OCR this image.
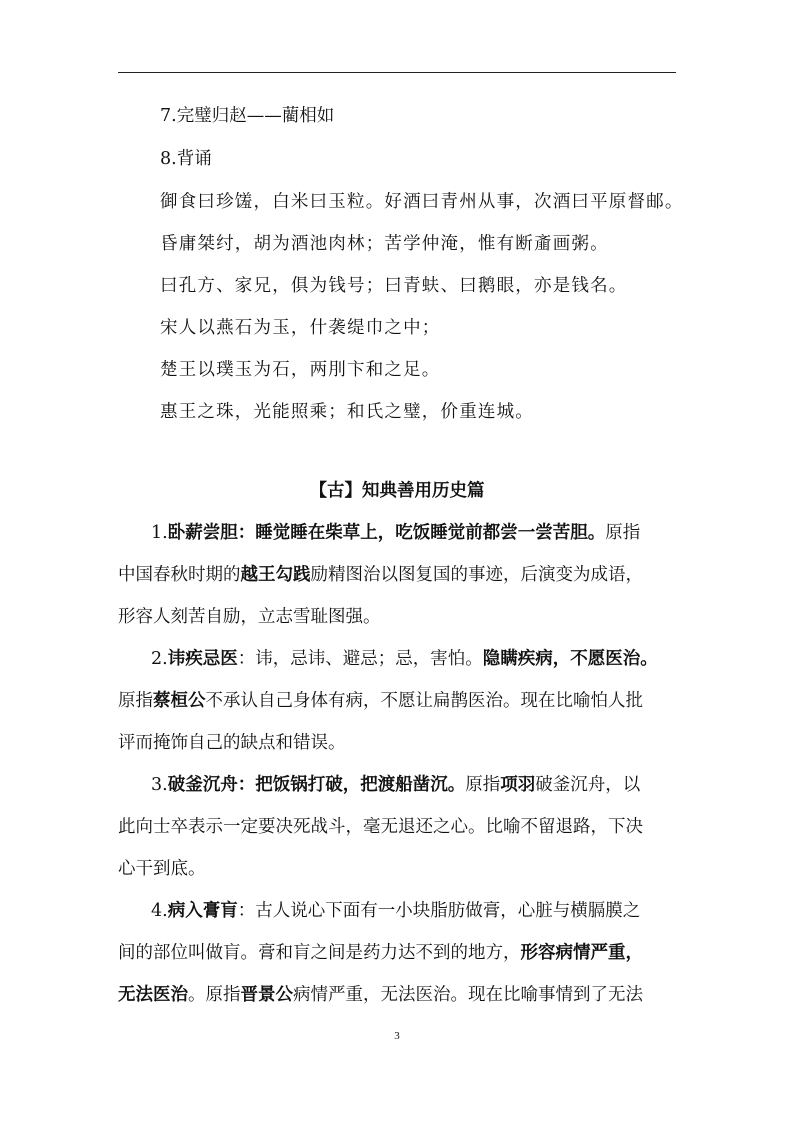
7.完璧归赵——藺相如
8.背诵
御食曰珍馐，白米曰玉粒。好酒曰青州从事，次酒曰平原督邮。
昏庸桀纣，胡为酒池肉林；苦学仲淹，惟有断齑画粥。
曰孔方、家兄，俱为钱号；曰青蚨、曰鹅眼，亦是钱名。
宋人以燕石为玉，什袭缇巾之中；
楚王以璞玉为石，两刖卞和之足。
惠王之珠，光能照乘；和氏之璧，价重连城。
【古】知典善用历史篇
1.卧薪尝胆：睡觉睡在柴草上，吃饭睡觉前都尝一尝苦胆。原指
中国春秋时期的越王勾践励精图治以图复国的事迹，后演变为成语，
形容人刻苦自励，立志雪耻图强。
2.讳疾忌医：讳，忌讳、避忌；忌，害怕。隐瞒疾病，不愿医治。
原指蔡桓公不承认自己身体有病，不愿让扁鹊医治。现在比喻怕人批
评而掩饰自己的缺点和错误。
3.破釜沉舟：把饭锅打破，把渡船凿沉。原指项羽破釜沉舟，以
此向士卒表示一定要决死战斗，毫无退还之心。比喻不留退路，下决
心干到底。
4.病入膏肓：古人说心下面有一小块脂肪做膏，心脏与横膈膜之
间的部位叫做肓。膏和肓之间是药力达不到的地方，形容病情严重，
无法医治。原指晋景公病情严重，无法医治。现在比喻事情到了无法
3
